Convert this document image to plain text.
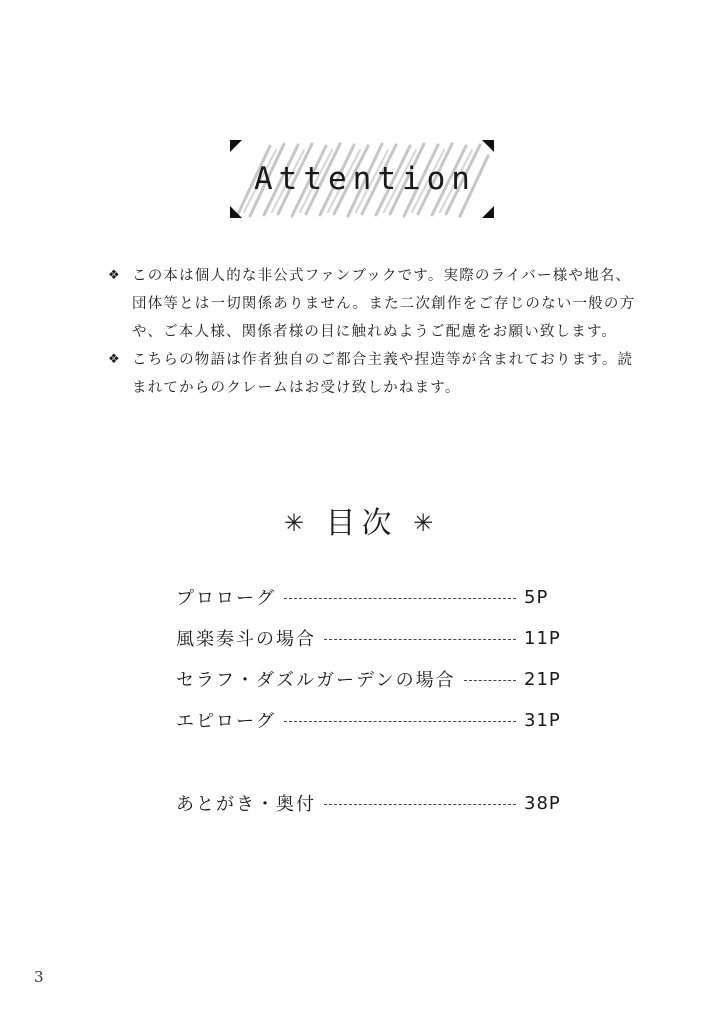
Attention
❖ この本は個人的な非公式ファンブックです。実際のライバー様や地名、団体等とは一切関係ありません。また二次創作をご存じのない一般の方や、ご本人様、関係者様の目に触れぬようご配慮をお願い致します。
❖ こちらの物語は作者独自のご都合主義や捏造等が含まれております。読まれてからのクレームはお受け致しかねます。
✳ 目次 ✳
プロローグ	5P
風楽奏斗の場合	11P
セラフ・ダズルガーデンの場合	21P
エピローグ	31P
あとがき・奥付	38P
3
